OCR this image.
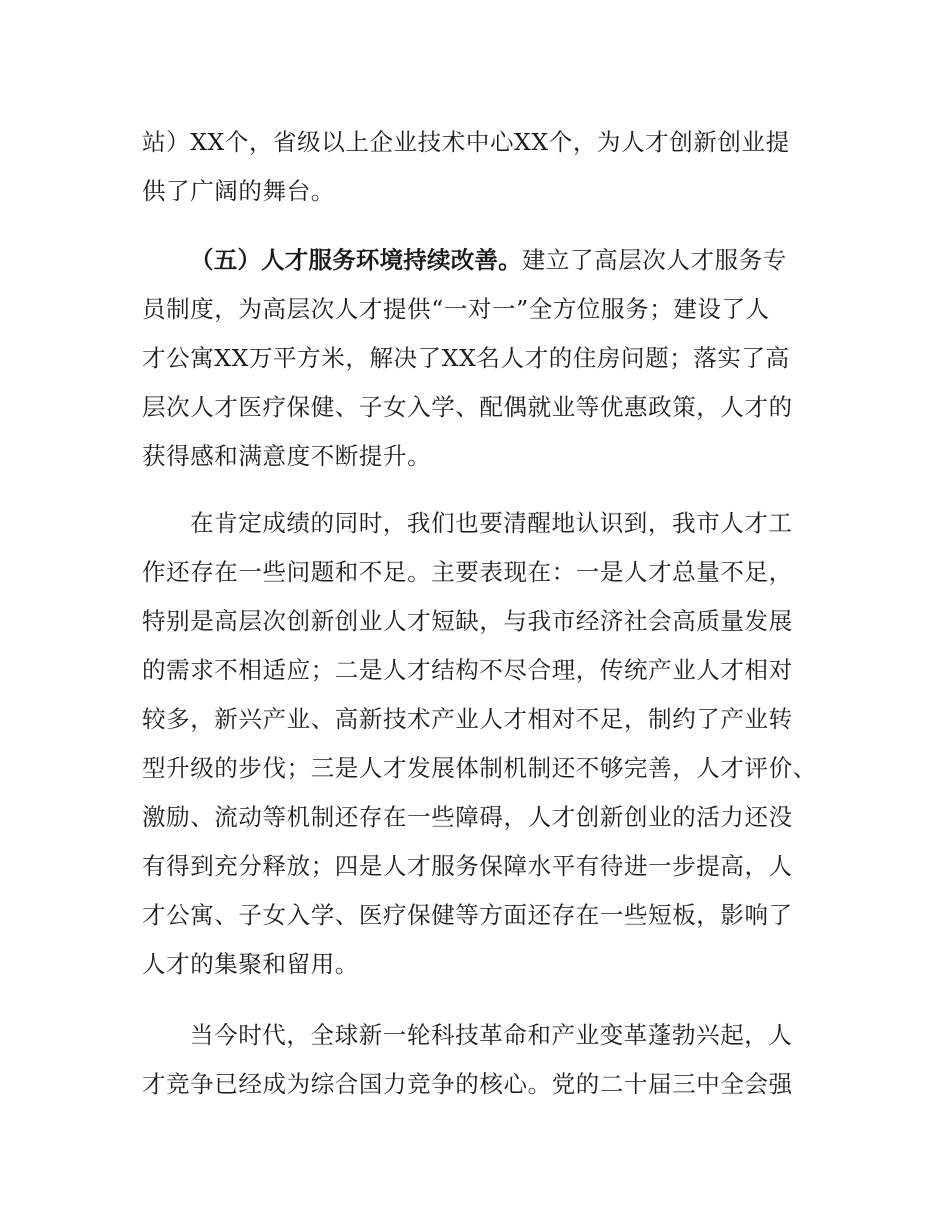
站）XX个，省级以上企业技术中心XX个，为人才创新创业提
供了广阔的舞台。
（五）人才服务环境持续改善。建立了高层次人才服务专
员制度，为高层次人才提供“一对一”全方位服务；建设了人
才公寓XX万平方米，解决了XX名人才的住房问题；落实了高
层次人才医疗保健、子女入学、配偶就业等优惠政策，人才的
获得感和满意度不断提升。
在肯定成绩的同时，我们也要清醒地认识到，我市人才工
作还存在一些问题和不足。主要表现在：一是人才总量不足，
特别是高层次创新创业人才短缺，与我市经济社会高质量发展
的需求不相适应；二是人才结构不尽合理，传统产业人才相对
较多，新兴产业、高新技术产业人才相对不足，制约了产业转
型升级的步伐；三是人才发展体制机制还不够完善，人才评价、
激励、流动等机制还存在一些障碍，人才创新创业的活力还没
有得到充分释放；四是人才服务保障水平有待进一步提高，人
才公寓、子女入学、医疗保健等方面还存在一些短板，影响了
人才的集聚和留用。
当今时代，全球新一轮科技革命和产业变革蓬勃兴起，人
才竞争已经成为综合国力竞争的核心。党的二十届三中全会强
